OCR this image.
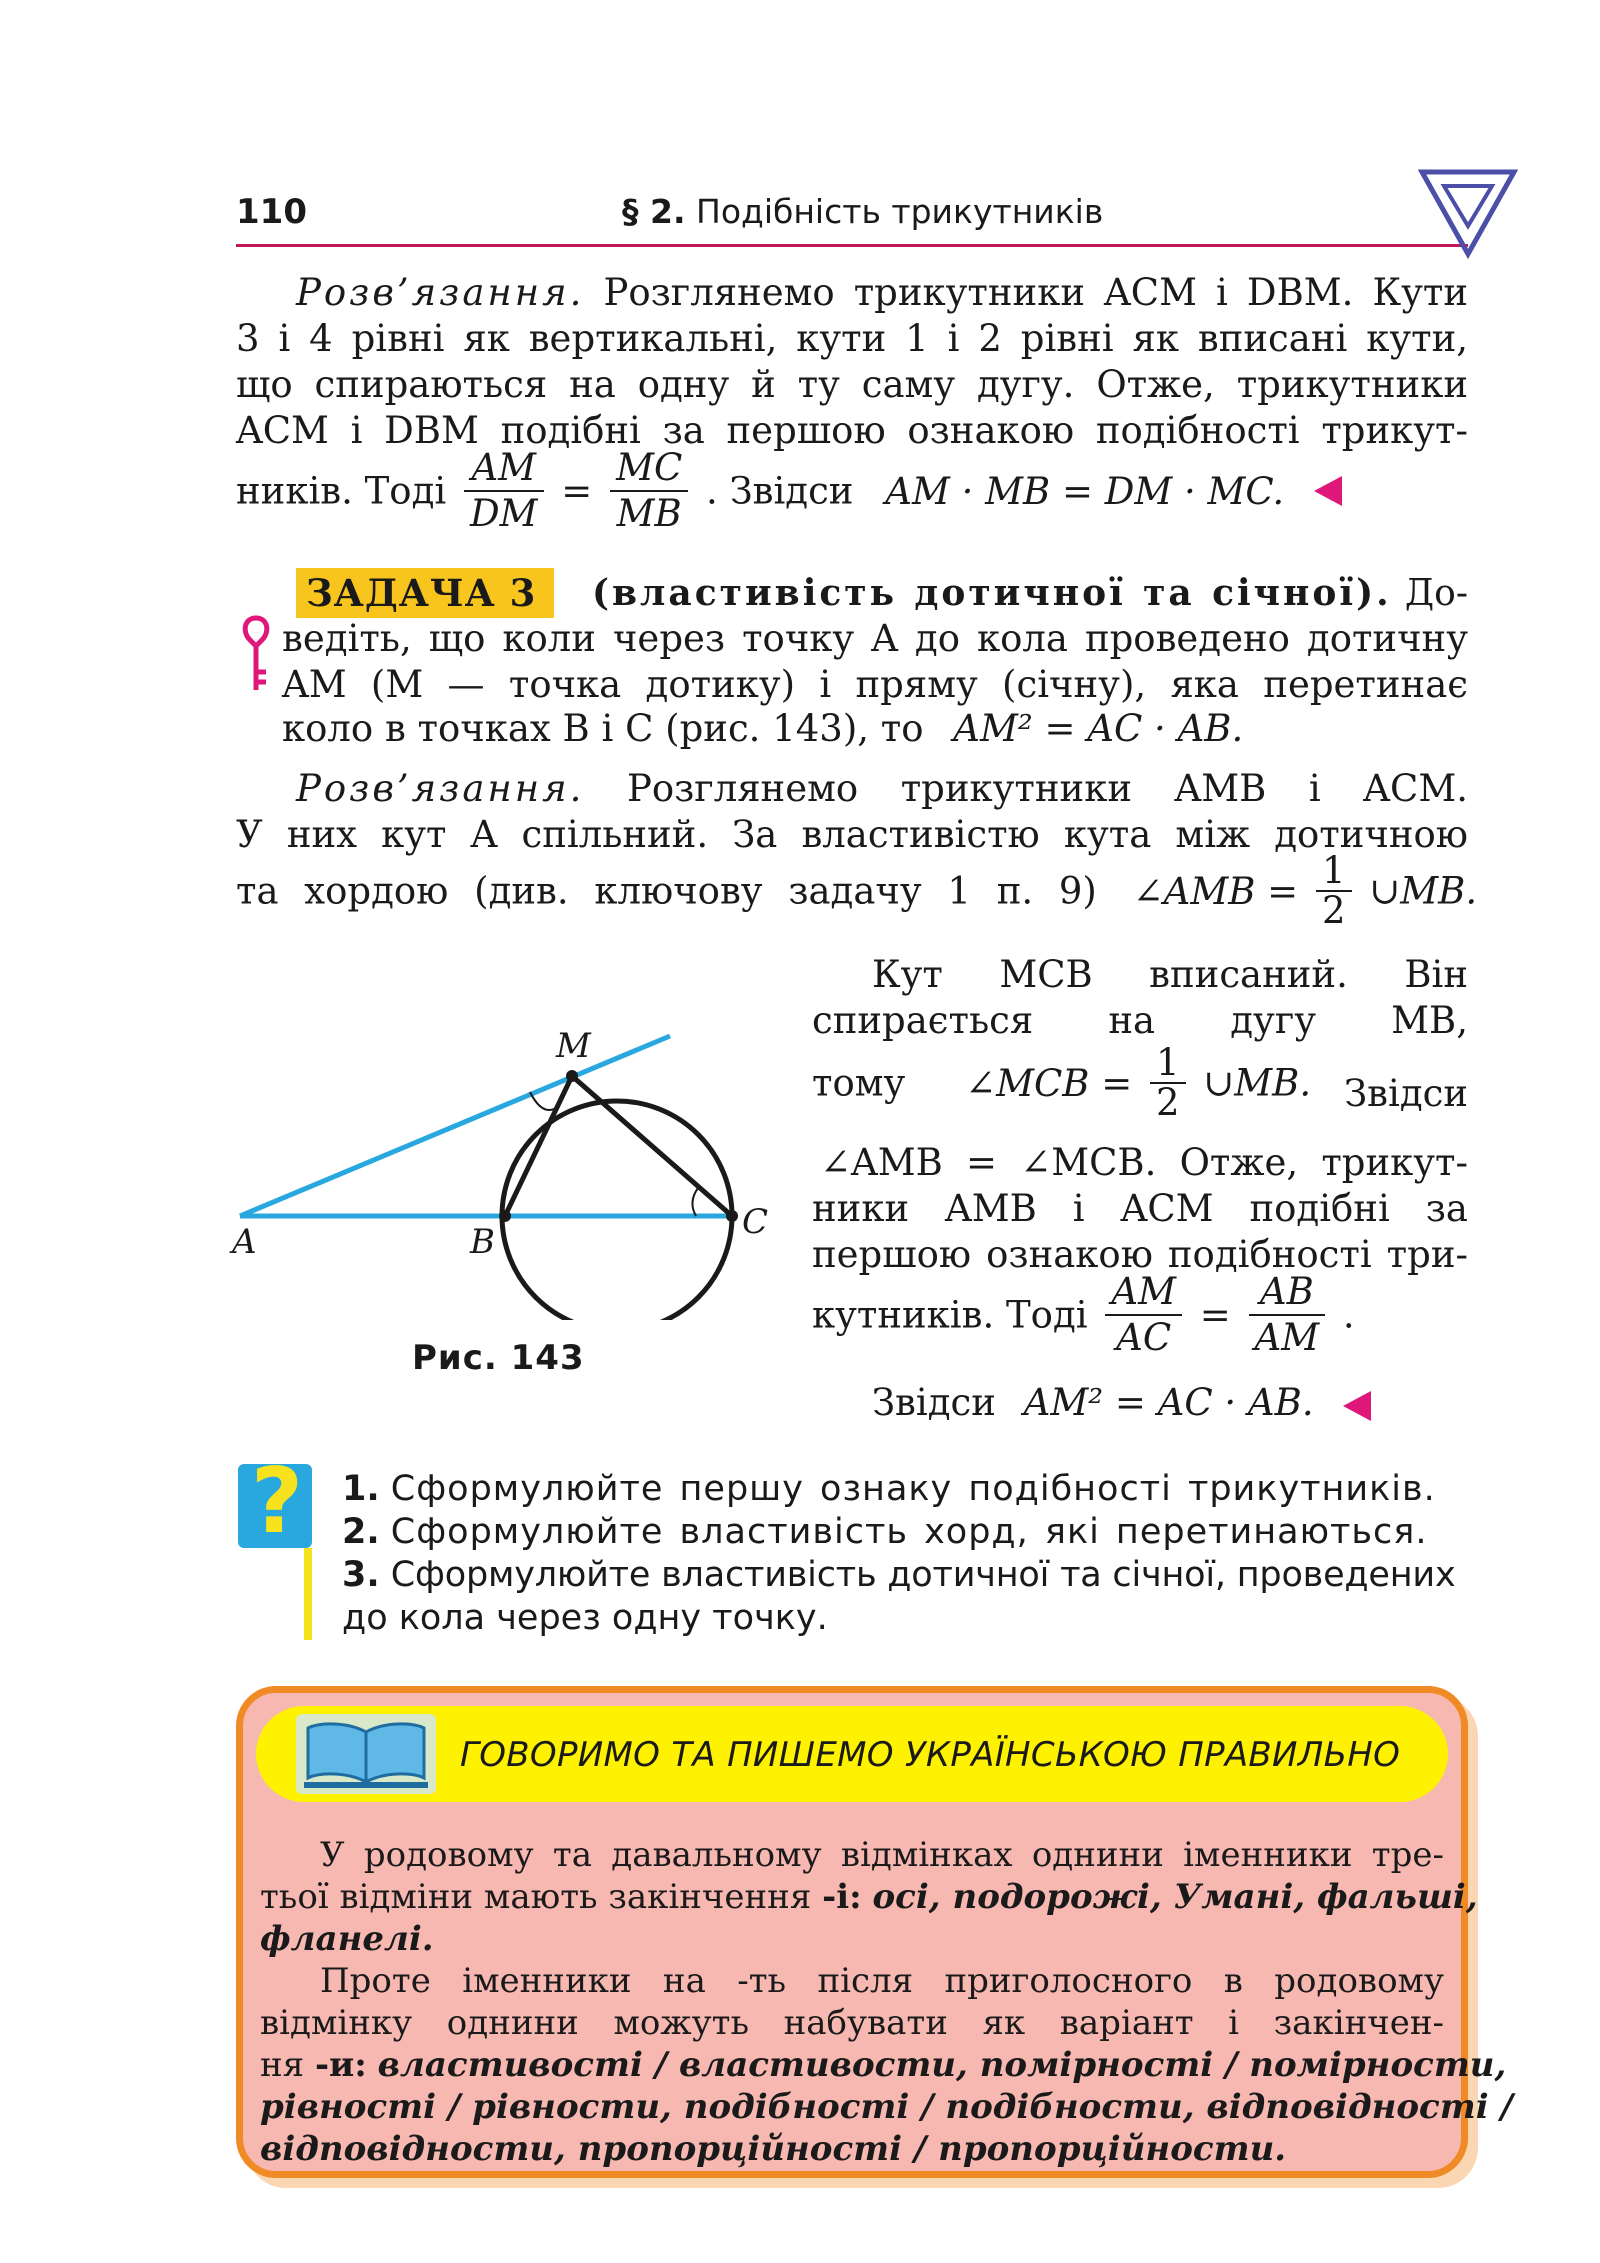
110	§ 2. Подібність трикутників
Розв’язання. Розглянемо трикутники ACM і DBM. Кути
3 і 4 рівні як вертикальні, кути 1 і 2 рівні як вписані кути,
що спираються на одну й ту саму дугу. Отже, трикутники
ACM і DBM подібні за першою ознакою подібності трикут-
ників. Тоді $\frac{AM}{DM} = \frac{MC}{MB}$ . Звідси AM · MB = DM · MC.
ЗАДАЧА 3 (властивість дотичної та січної). До-
ведіть, що коли через точку A до кола проведено дотичну
AM (M — точка дотику) і пряму (січну), яка перетинає
коло в точках B і C (рис. 143), то AM² = AC · AB.
Розв’язання. Розглянемо трикутники AMB і ACM.
У них кут A спільний. За властивістю кута між дотичною
та хордою (див. ключову задачу 1 п. 9) ∠AMB = $\frac{1}{2}$ ∪MB.
Кут MCB вписаний. Він
спирається на дугу MB,
тому ∠MCB = $\frac{1}{2}$ ∪MB. Звідси
∠AMB = ∠MCB. Отже, трикут-
ники AMB і ACM подібні за
першою ознакою подібності три-
кутників. Тоді $\frac{AM}{AC} = \frac{AB}{AM}$ .
Звідси AM² = AC · AB.
M
A	B	C
Рис. 143
?	1. Сформулюйте першу ознаку подібності трикутників.
2. Сформулюйте властивість хорд, які перетинаються.
3. Сформулюйте властивість дотичної та січної, проведених
до кола через одну точку.
ГОВОРИМО ТА ПИШЕМО УКРАЇНСЬКОЮ ПРАВИЛЬНО
У родовому та давальному відмінках однини іменники тре-
тьої відміни мають закінчення -і: осі, подорожі, Умані, фальші,
фланелі.
Проте іменники на -ть після приголосного в родовому
відмінку однини можуть набувати як варіант і закінчен-
ня -и: властивості / властивости, помірності / помірности,
рівності / рівности, подібності / подібности, відповідності /
відповідности, пропорційності / пропорційности.
